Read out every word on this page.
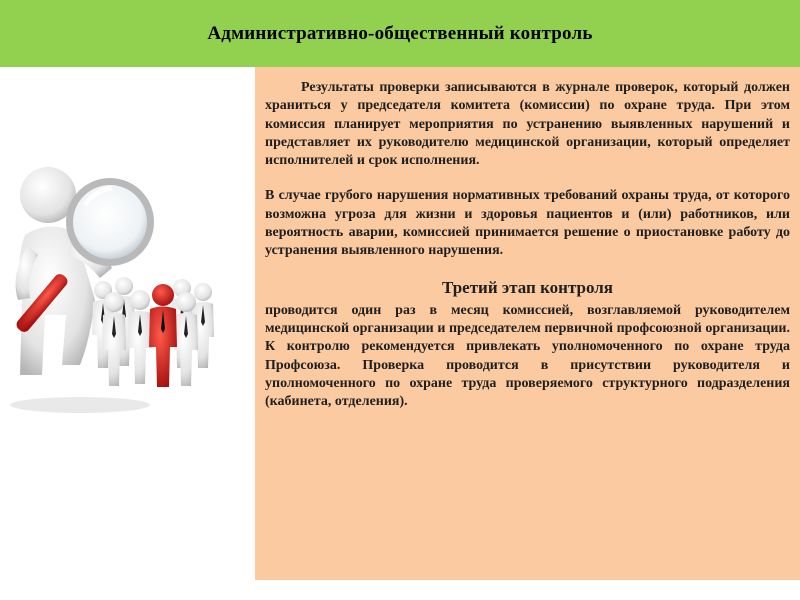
Административно-общественный контроль

Результаты проверки записываются в журнале проверок, который должен храниться у председателя комитета (комиссии) по охране труда. При этом комиссия планирует мероприятия по устранению выявленных нарушений и представляет их руководителю медицинской организации, который определяет исполнителей и срок исполнения.

В случае грубого нарушения нормативных требований охраны труда, от которого возможна угроза для жизни и здоровья пациентов и (или) работников, или вероятность аварии, комиссией принимается решение о приостановке работу до устранения выявленного нарушения.

Третий этап контроля

проводится один раз в месяц комиссией, возглавляемой руководителем медицинской организации и председателем первичной профсоюзной организации. К контролю рекомендуется привлекать уполномоченного по охране труда Профсоюза. Проверка проводится в присутствии руководителя и уполномоченного по охране труда проверяемого структурного подразделения (кабинета, отделения).
